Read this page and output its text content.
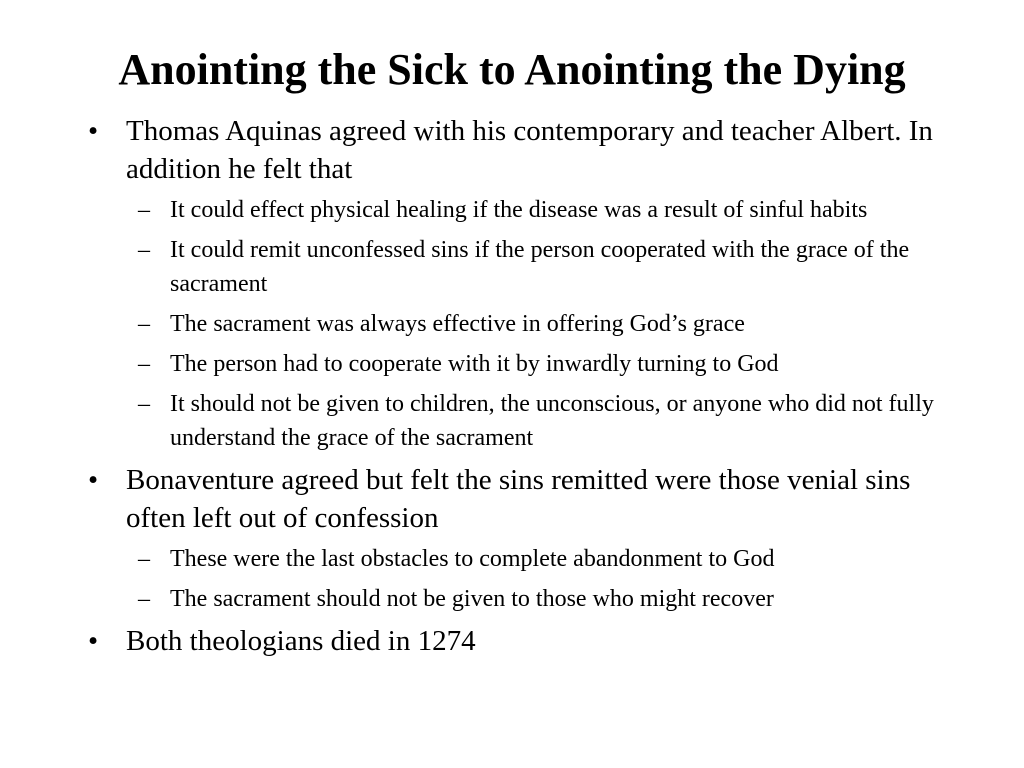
Anointing the Sick to Anointing the Dying
• Thomas Aquinas agreed with his contemporary and teacher Albert. In addition he felt that
– It could effect physical healing if the disease was a result of sinful habits
– It could remit unconfessed sins if the person cooperated with the grace of the sacrament
– The sacrament was always effective in offering God’s grace
– The person had to cooperate with it by inwardly turning to God
– It should not be given to children, the unconscious, or anyone who did not fully understand the grace of the sacrament
• Bonaventure agreed but felt the sins remitted were those venial sins often left out of confession
– These were the last obstacles to complete abandonment to God
– The sacrament should not be given to those who might recover
• Both theologians died in 1274
